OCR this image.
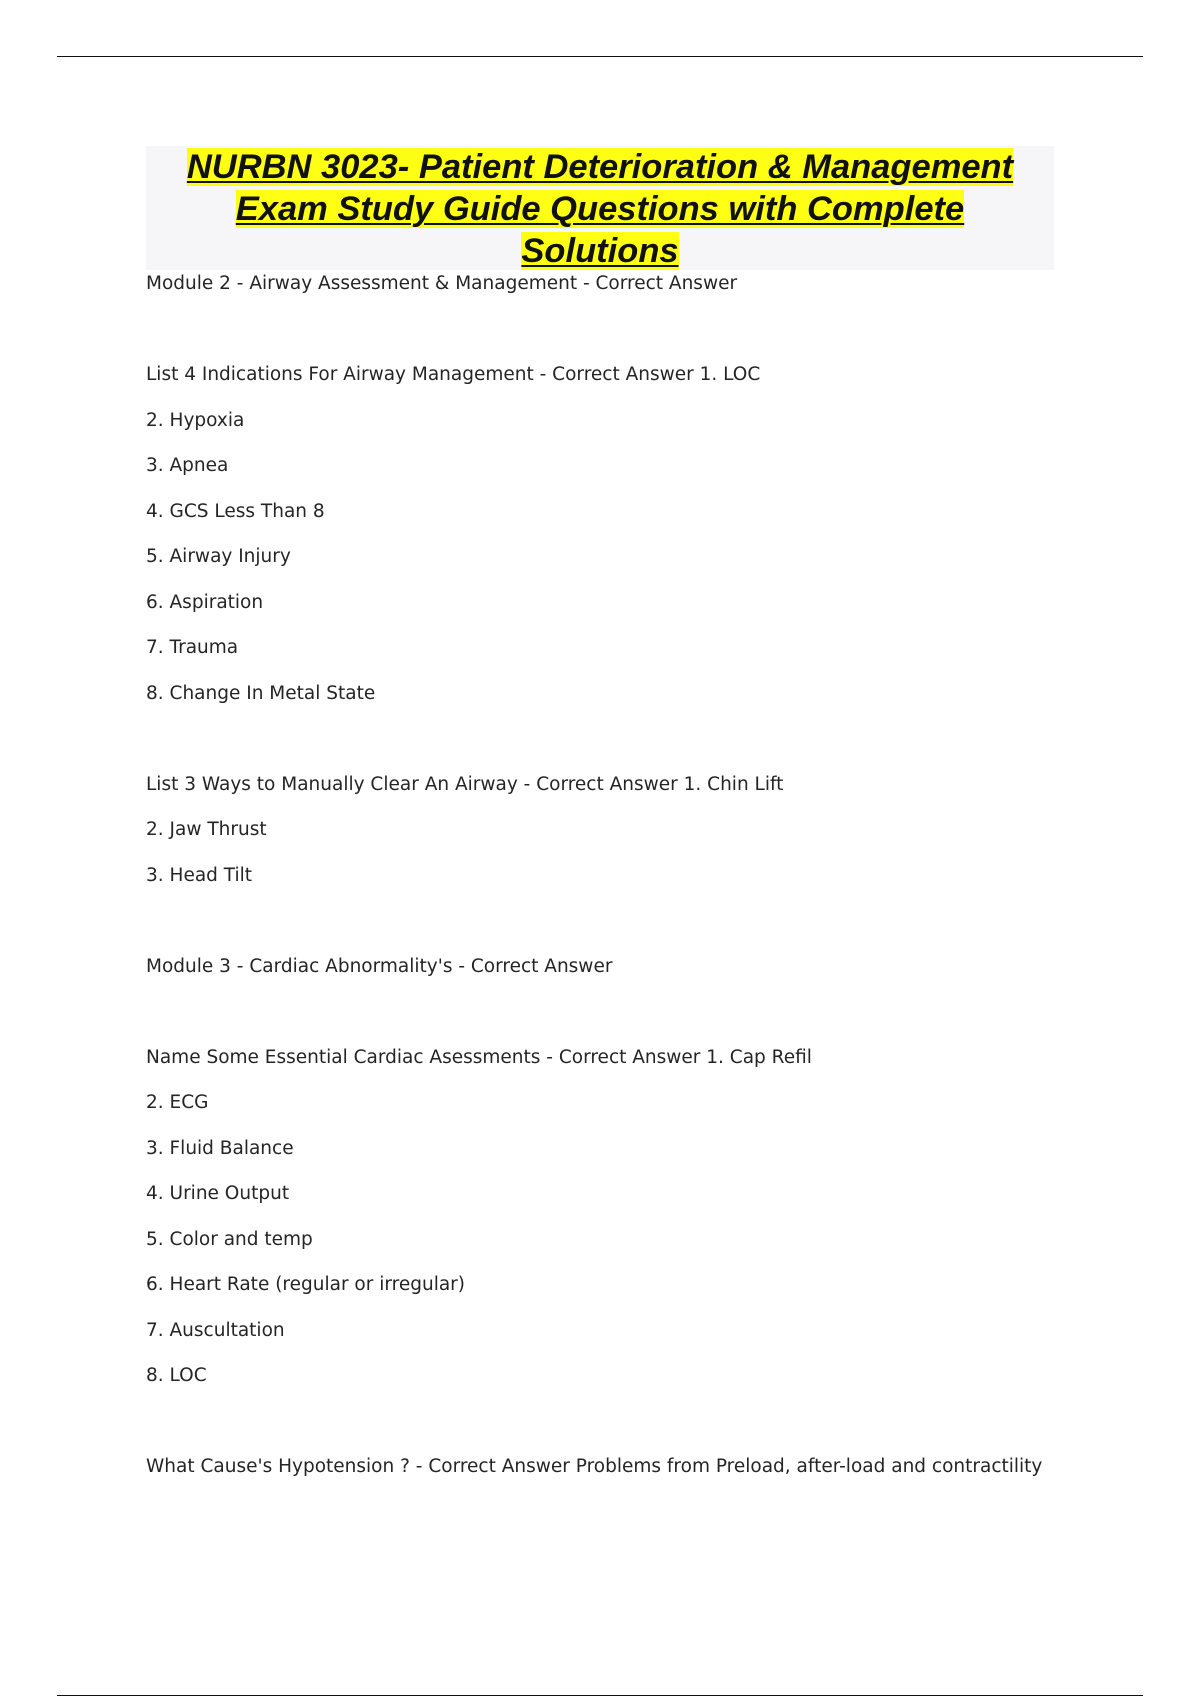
NURBN 3023- Patient Deterioration & Management
Exam Study Guide Questions with Complete
Solutions
Module 2 - Airway Assessment & Management - Correct Answer
List 4 Indications For Airway Management - Correct Answer 1. LOC
2. Hypoxia
3. Apnea
4. GCS Less Than 8
5. Airway Injury
6. Aspiration
7. Trauma
8. Change In Metal State
List 3 Ways to Manually Clear An Airway - Correct Answer 1. Chin Lift
2. Jaw Thrust
3. Head Tilt
Module 3 - Cardiac Abnormality's - Correct Answer
Name Some Essential Cardiac Asessments - Correct Answer 1. Cap Refil
2. ECG
3. Fluid Balance
4. Urine Output
5. Color and temp
6. Heart Rate (regular or irregular)
7. Auscultation
8. LOC
What Cause's Hypotension ? - Correct Answer Problems from Preload, after-load and contractility
